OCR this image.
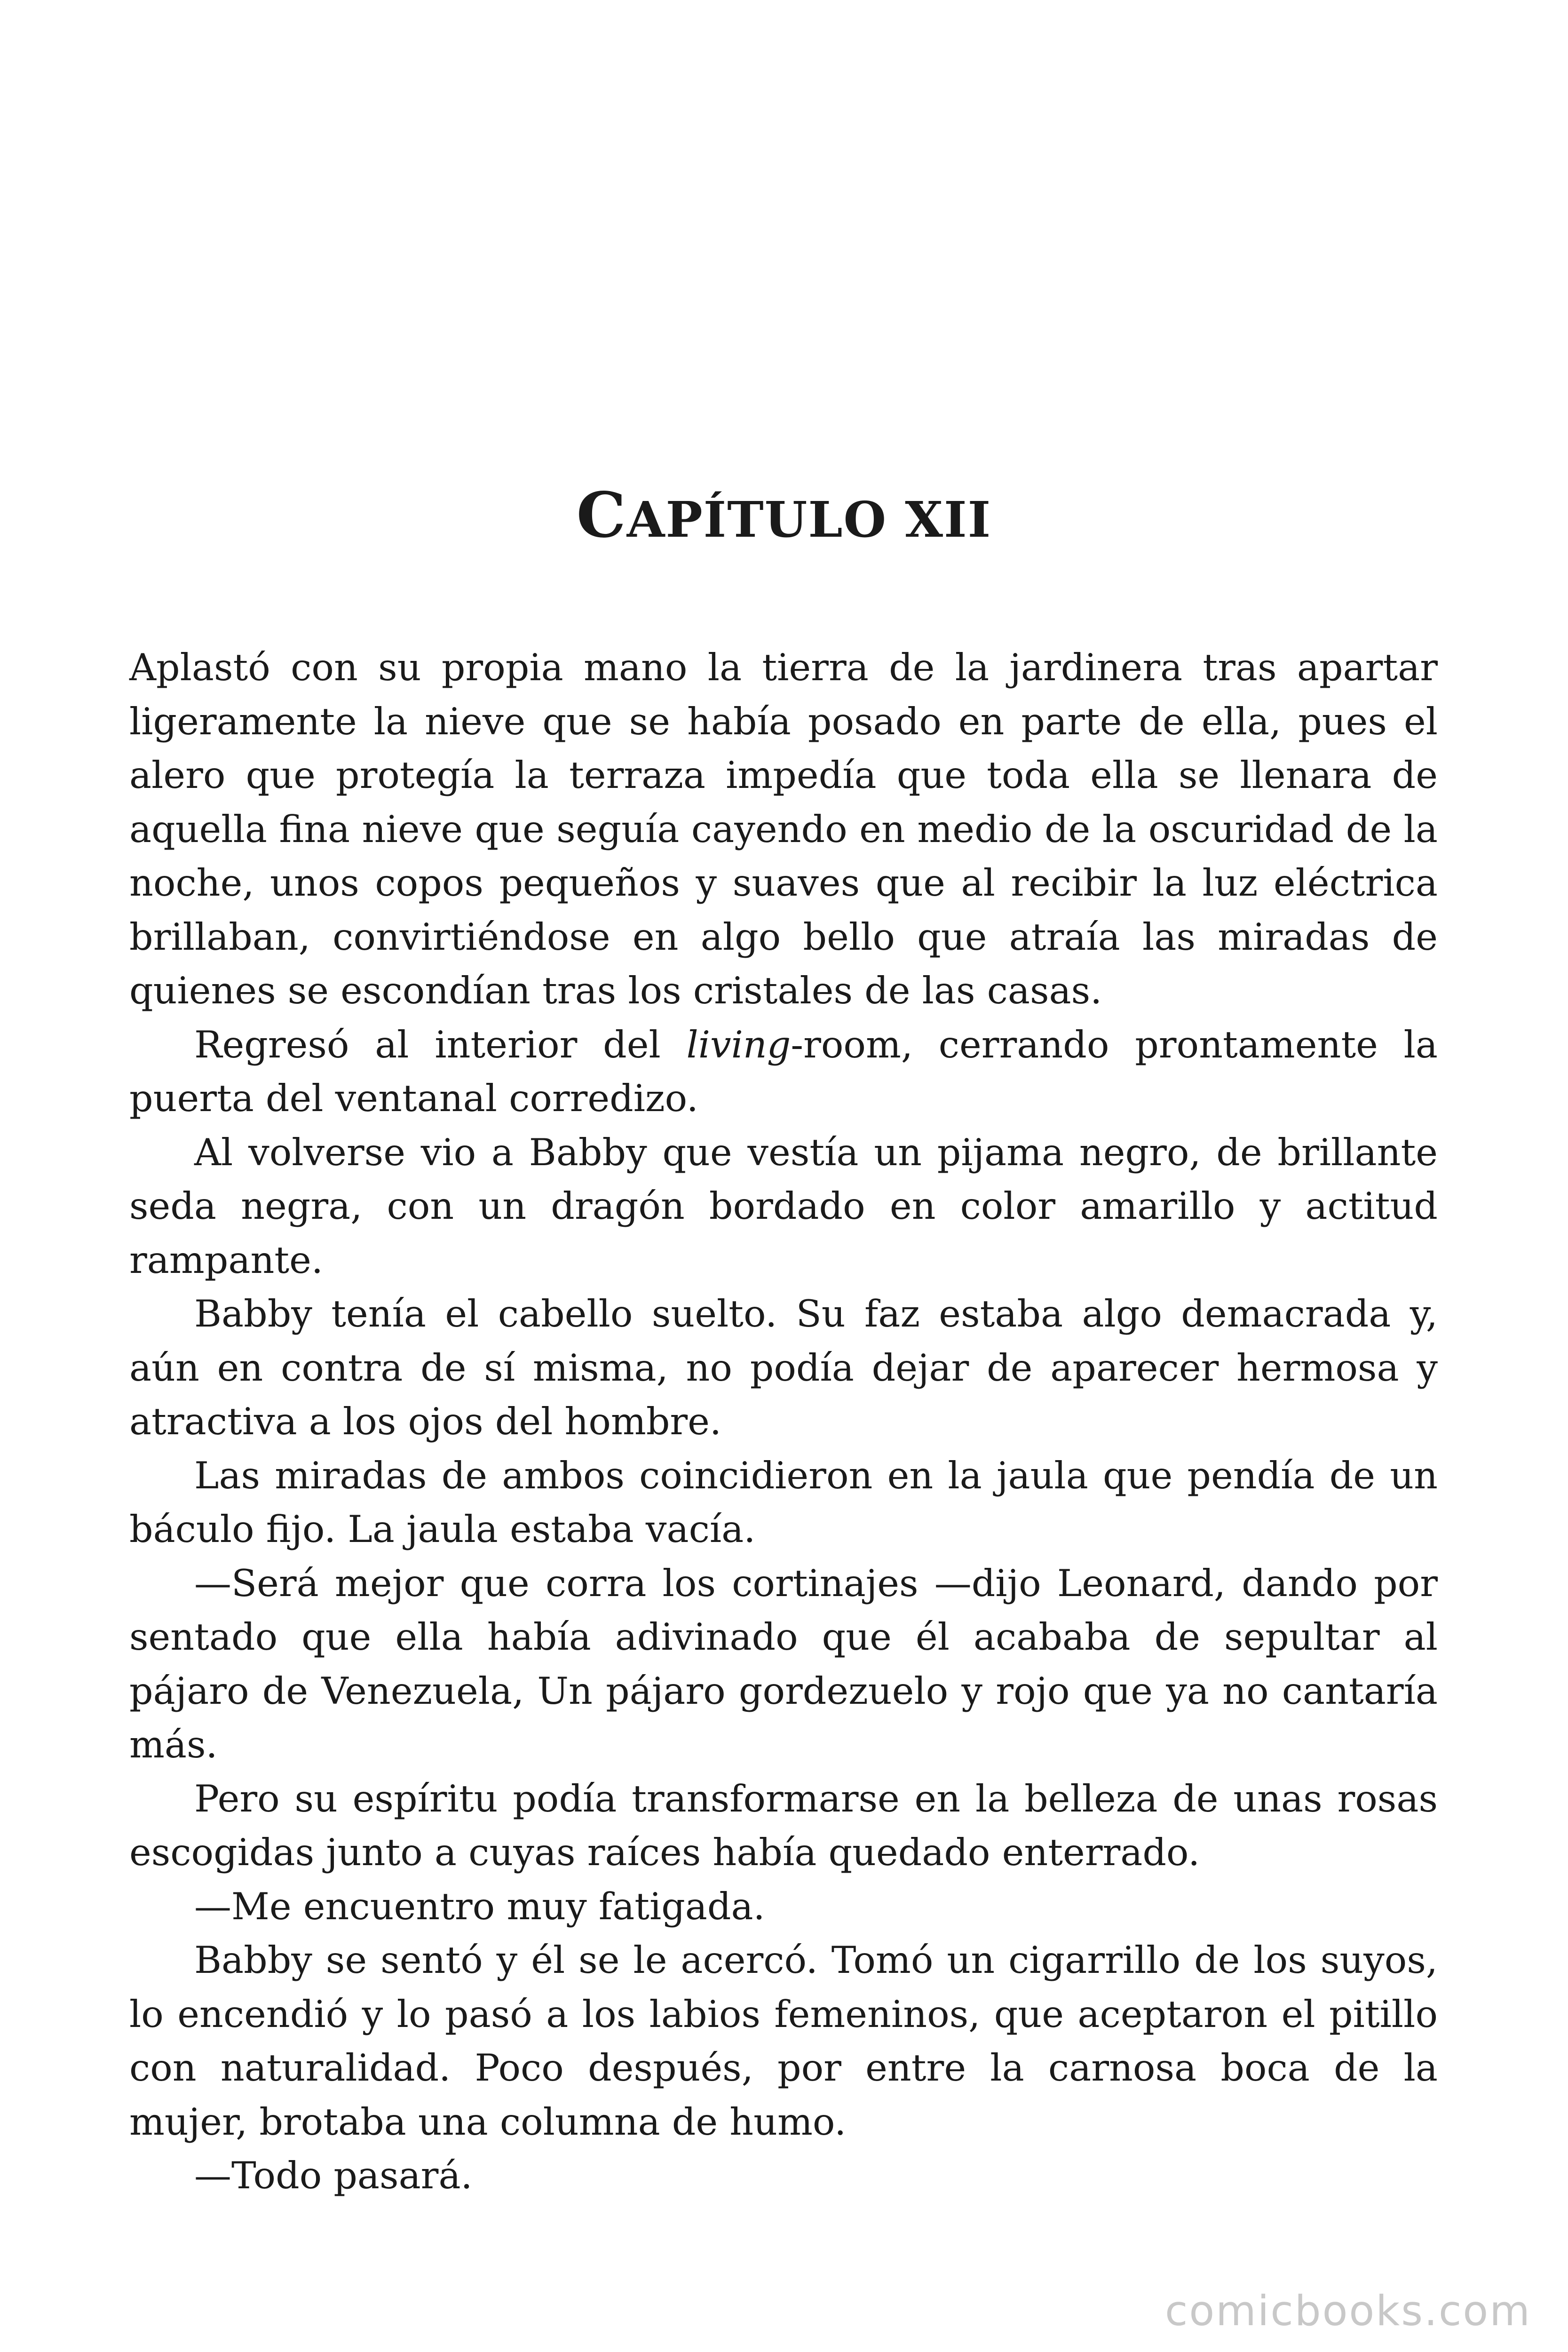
CAPÍTULO XII

Aplastó con su propia mano la tierra de la jardinera tras apartar ligeramente la nieve que se había posado en parte de ella, pues el alero que protegía la terraza impedía que toda ella se llenara de aquella fina nieve que seguía cayendo en medio de la oscuridad de la noche, unos copos pequeños y suaves que al recibir la luz eléctrica brillaban, convirtiéndose en algo bello que atraía las miradas de quienes se escondían tras los cristales de las casas.

Regresó al interior del living-room, cerrando prontamente la puerta del ventanal corredizo.

Al volverse vio a Babby que vestía un pijama negro, de brillante seda negra, con un dragón bordado en color amarillo y actitud rampante.

Babby tenía el cabello suelto. Su faz estaba algo demacrada y, aún en contra de sí misma, no podía dejar de aparecer hermosa y atractiva a los ojos del hombre.

Las miradas de ambos coincidieron en la jaula que pendía de un báculo fijo. La jaula estaba vacía.

—Será mejor que corra los cortinajes —dijo Leonard, dando por sentado que ella había adivinado que él acababa de sepultar al pájaro de Venezuela, Un pájaro gordezuelo y rojo que ya no cantaría más.

Pero su espíritu podía transformarse en la belleza de unas rosas escogidas junto a cuyas raíces había quedado enterrado.

—Me encuentro muy fatigada.

Babby se sentó y él se le acercó. Tomó un cigarrillo de los suyos, lo encendió y lo pasó a los labios femeninos, que aceptaron el pitillo con naturalidad. Poco después, por entre la carnosa boca de la mujer, brotaba una columna de humo.

—Todo pasará.

comicbooks.com
